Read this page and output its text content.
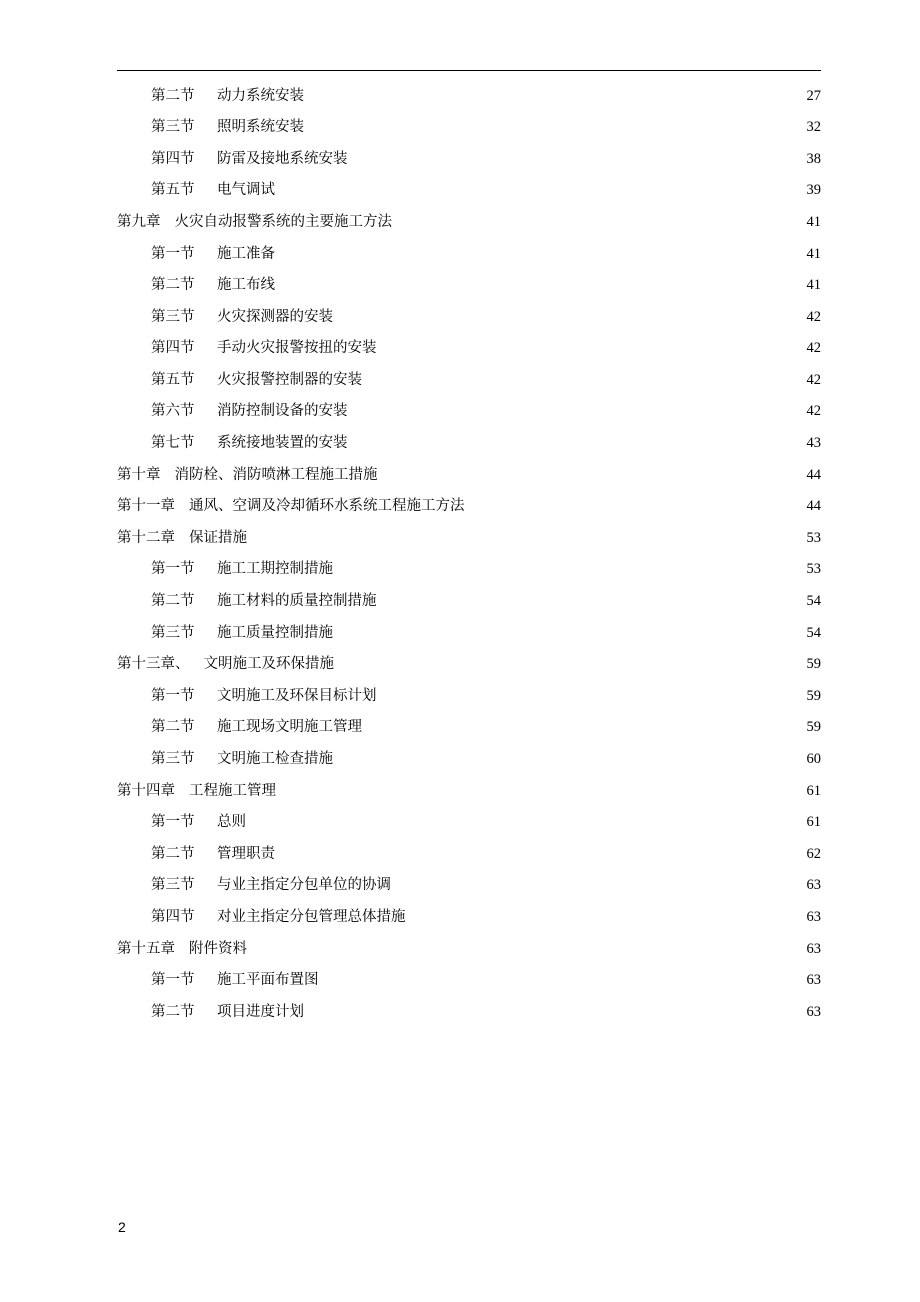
第二节	动力系统安装	27
第三节	照明系统安装	32
第四节	防雷及接地系统安装	38
第五节	电气调试	39
第九章 火灾自动报警系统的主要施工方法	41
第一节	施工准备	41
第二节	施工布线	41
第三节	火灾探测器的安装	42
第四节	手动火灾报警按扭的安装	42
第五节	火灾报警控制器的安装	42
第六节	消防控制设备的安装	42
第七节	系统接地装置的安装	43
第十章 消防栓、消防喷淋工程施工措施	44
第十一章 通风、空调及冷却循环水系统工程施工方法	44
第十二章 保证措施	53
第一节	施工工期控制措施	53
第二节	施工材料的质量控制措施	54
第三节	施工质量控制措施	54
第十三章、 文明施工及环保措施	59
第一节	文明施工及环保目标计划	59
第二节	施工现场文明施工管理	59
第三节	文明施工检查措施	60
第十四章 工程施工管理	61
第一节	总则	61
第二节	管理职责	62
第三节	与业主指定分包单位的协调	63
第四节	对业主指定分包管理总体措施	63
第十五章 附件资料	63
第一节	施工平面布置图	63
第二节	项目进度计划	63
2
